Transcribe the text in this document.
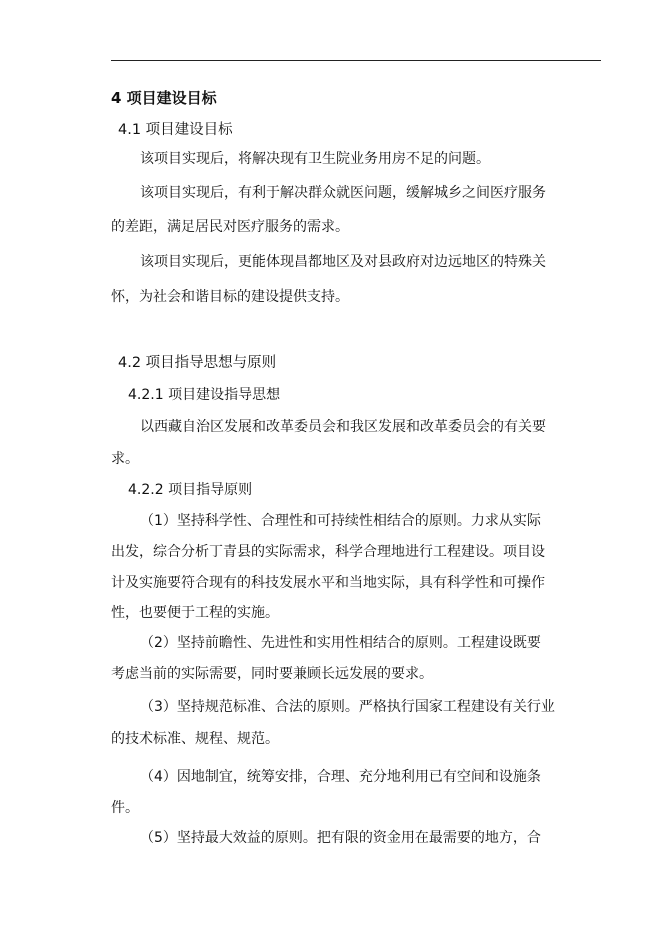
4 项目建设目标
4.1 项目建设目标
该项目实现后，将解决现有卫生院业务用房不足的问题。
该项目实现后，有利于解决群众就医问题，缓解城乡之间医疗服务
的差距，满足居民对医疗服务的需求。
该项目实现后，更能体现昌都地区及对县政府对边远地区的特殊关
怀，为社会和谐目标的建设提供支持。
4.2 项目指导思想与原则
4.2.1 项目建设指导思想
以西藏自治区发展和改革委员会和我区发展和改革委员会的有关要
求。
4.2.2 项目指导原则
（1）坚持科学性、合理性和可持续性相结合的原则。力求从实际
出发，综合分析丁青县的实际需求，科学合理地进行工程建设。项目设
计及实施要符合现有的科技发展水平和当地实际，具有科学性和可操作
性，也要便于工程的实施。
（2）坚持前瞻性、先进性和实用性相结合的原则。工程建设既要
考虑当前的实际需要，同时要兼顾长远发展的要求。
（3）坚持规范标准、合法的原则。严格执行国家工程建设有关行业
的技术标准、规程、规范。
（4）因地制宜，统筹安排，合理、充分地利用已有空间和设施条
件。
（5）坚持最大效益的原则。把有限的资金用在最需要的地方，合
